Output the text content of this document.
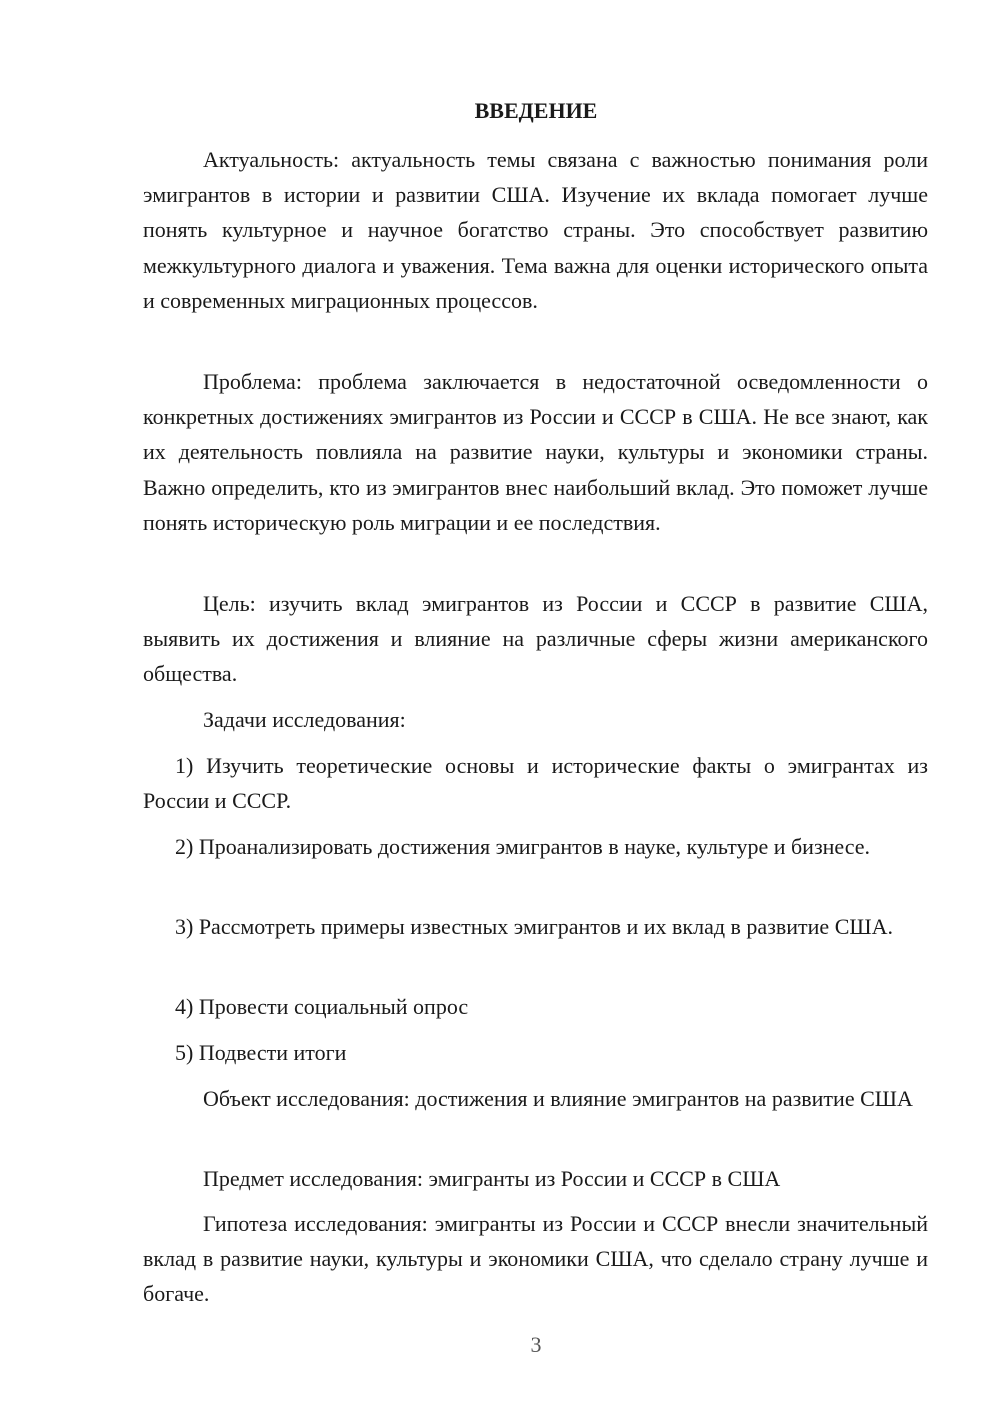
ВВЕДЕНИЕ

Актуальность: актуальность темы связана с важностью понимания роли эмигрантов в истории и развитии США. Изучение их вклада помогает лучше понять культурное и научное богатство страны. Это способствует развитию межкультурного диалога и уважения. Тема важна для оценки исторического опыта и современных миграционных процессов.

Проблема: проблема заключается в недостаточной осведомленности о конкретных достижениях эмигрантов из России и СССР в США. Не все знают, как их деятельность повлияла на развитие науки, культуры и экономики страны. Важно определить, кто из эмигрантов внес наибольший вклад. Это поможет лучше понять историческую роль миграции и ее последствия.

Цель: изучить вклад эмигрантов из России и СССР в развитие США, выявить их достижения и влияние на различные сферы жизни американского общества.

Задачи исследования:

1) Изучить теоретические основы и исторические факты о эмигрантах из России и СССР.

2) Проанализировать достижения эмигрантов в науке, культуре и бизнесе.

3) Рассмотреть примеры известных эмигрантов и их вклад в развитие США.

4) Провести социальный опрос

5) Подвести итоги

Объект исследования: достижения и влияние эмигрантов на развитие США

Предмет исследования: эмигранты из России и СССР в США

Гипотеза исследования: эмигранты из России и СССР внесли значительный вклад в развитие науки, культуры и экономики США, что сделало страну лучше и богаче.

3
